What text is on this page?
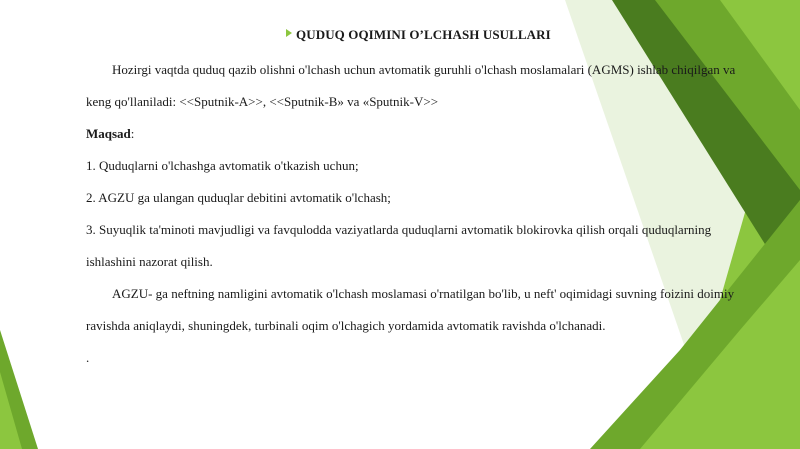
QUDUQ OQIMINI O’LCHASH USULLARI
Hozirgi vaqtda quduq qazib olishni o'lchash uchun avtomatik guruhli o'lchash moslamalari (AGMS) ishlab chiqilgan va
keng qo'llaniladi: <<Sputnik-A>>, <<Sputnik-B» va «Sputnik-V>>
Maqsad:
1. Quduqlarni o'lchashga avtomatik o'tkazish uchun;
2. AGZU ga ulangan quduqlar debitini avtomatik o'lchash;
3. Suyuqlik ta'minoti mavjudligi va favqulodda vaziyatlarda quduqlarni avtomatik blokirovka qilish orqali quduqlarning
ishlashini nazorat qilish.
AGZU- ga neftning namligini avtomatik o'lchash moslamasi o'rnatilgan bo'lib, u neft' oqimidagi suvning foizini doimiy
ravishda aniqlaydi, shuningdek, turbinali oqim o'lchagich yordamida avtomatik ravishda o'lchanadi.
.
